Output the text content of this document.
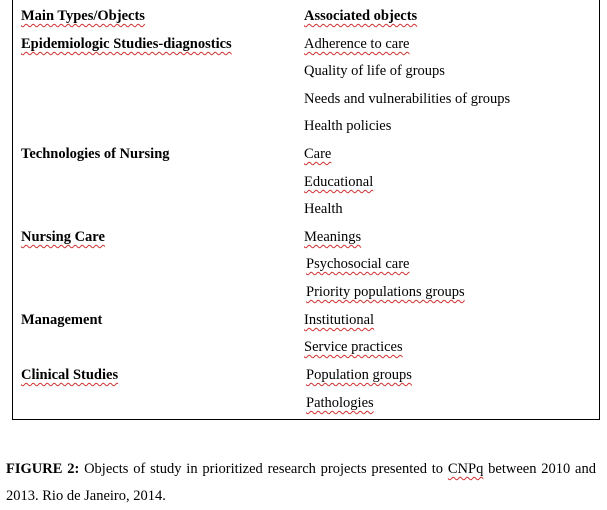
Main Types/Objects	Associated objects
Epidemiologic Studies-diagnostics	Adherence to care
Quality of life of groups
Needs and vulnerabilities of groups
Health policies
Technologies of Nursing	Care
Educational
Health
Nursing Care	Meanings
Psychosocial care
Priority populations groups
Management	Institutional
Service practices
Clinical Studies	Population groups
Pathologies
FIGURE 2: Objects of study in prioritized research projects presented to CNPq between 2010 and 2013. Rio de Janeiro, 2014.
